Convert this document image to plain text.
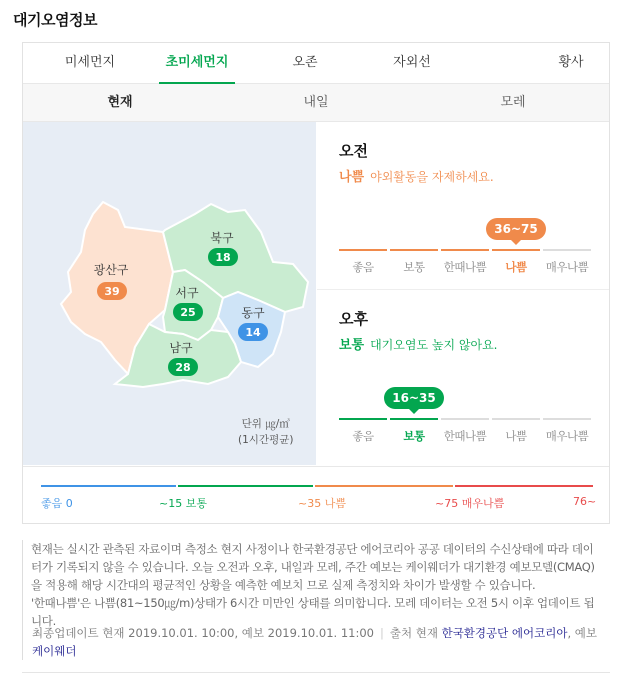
대기오염정보
미세먼지	초미세먼지	오존	자외선	황사
현재	내일	모레
광산구
39
북구
18
서구
25	동구
14
남구
28
단위 ㎍/㎥
(1시간평균)
오전
나쁨 야외활동을 자제하세요.
36~75
좋음	보통	한때나쁨	나쁨	매우나쁨
오후
보통 대기오염도 높지 않아요.
16~35
좋음	보통	한때나쁨	나쁨	매우나쁨
좋음 0	~15 보통	~35 나쁨	~75 매우나쁨	76~

현재는 실시간 관측된 자료이며 측정소 현지 사정이나 한국환경공단 에어코리아 공공 데이터의 수신상태에 따라 데이터가 기록되지 않을 수 있습니다. 오늘 오전과 오후, 내일과 모레, 주간 예보는 케이웨더가 대기환경 예보모델(CMAQ)을 적용해 해당 시간대의 평균적인 상황을 예측한 예보치 므로 실제 측정치와 차이가 발생할 수 있습니다.

'한때나쁨'은 나쁨(81~150㎍/m)상태가 6시간 미만인 상태를 의미합니다. 모레 데이터는 오전 5시 이후 업데이트 됩니다.

최종업데이트 현재 2019.10.01. 10:00, 예보 2019.10.01. 11:00 | 출처 현재 한국환경공단 에어코리아, 예보 케이웨더
